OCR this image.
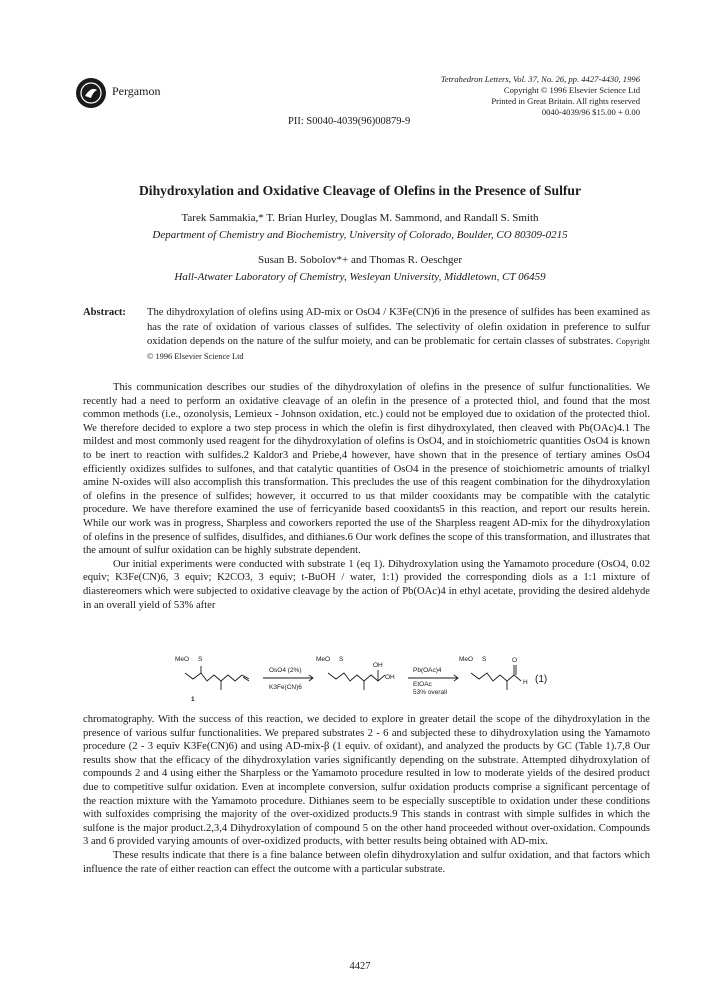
Pergamon
Tetrahedron Letters, Vol. 37, No. 26, pp. 4427-4430, 1996
Copyright © 1996 Elsevier Science Ltd
Printed in Great Britain. All rights reserved
0040-4039/96 $15.00 + 0.00
PII: S0040-4039(96)00879-9
Dihydroxylation and Oxidative Cleavage of Olefins in the Presence of Sulfur
Tarek Sammakia,* T. Brian Hurley, Douglas M. Sammond, and Randall S. Smith
Department of Chemistry and Biochemistry, University of Colorado, Boulder, CO 80309-0215
Susan B. Sobolov*+ and Thomas R. Oeschger
Hall-Atwater Laboratory of Chemistry, Wesleyan University, Middletown, CT 06459
Abstract: The dihydroxylation of olefins using AD-mix or OsO4 / K3Fe(CN)6 in the presence of sulfides has been examined as has the rate of oxidation of various classes of sulfides. The selectivity of olefin oxidation in preference to sulfur oxidation depends on the nature of the sulfur moiety, and can be problematic for certain classes of substrates. Copyright © 1996 Elsevier Science Ltd

This communication describes our studies of the dihydroxylation of olefins in the presence of sulfur functionalities. We recently had a need to perform an oxidative cleavage of an olefin in the presence of a protected thiol, and found that the most common methods (i.e., ozonolysis, Lemieux - Johnson oxidation, etc.) could not be employed due to oxidation of the protected thiol. We therefore decided to explore a two step process in which the olefin is first dihydroxylated, then cleaved with Pb(OAc)4.1 The mildest and most commonly used reagent for the dihydroxylation of olefins is OsO4, and in stoichiometric quantities OsO4 is known to be inert to reaction with sulfides.2 Kaldor3 and Priebe,4 however, have shown that in the presence of tertiary amines OsO4 efficiently oxidizes sulfides to sulfones, and that catalytic quantities of OsO4 in the presence of stoichiometric amounts of trialkyl amine N-oxides will also accomplish this transformation. This precludes the use of this reagent combination for the dihydroxylation of olefins in the presence of sulfides; however, it occurred to us that milder cooxidants may be compatible with the catalytic procedure. We have therefore examined the use of ferricyanide based cooxidants5 in this reaction, and report our results herein. While our work was in progress, Sharpless and coworkers reported the use of the Sharpless reagent AD-mix for the dihydroxylation of olefins in the presence of sulfides, disulfides, and dithianes.6 Our work defines the scope of this transformation, and illustrates that the amount of sulfur oxidation can be highly substrate dependent.

Our initial experiments were conducted with substrate 1 (eq 1). Dihydroxylation using the Yamamoto procedure (OsO4, 0.02 equiv; K3Fe(CN)6, 3 equiv; K2CO3, 3 equiv; t-BuOH / water, 1:1) provided the corresponding diols as a 1:1 mixture of diastereomers which were subjected to oxidative cleavage by the action of Pb(OAc)4 in ethyl acetate, providing the desired aldehyde in an overall yield of 53% after

MeO S
1
OsO4 (2%)
K3Fe(CN)6
MeO S
OH
OH
Pb(OAc)4
EtOAc
53% overall
MeO S	O
H (1)

chromatography. With the success of this reaction, we decided to explore in greater detail the scope of the dihydroxylation in the presence of various sulfur functionalities. We prepared substrates 2 - 6 and subjected these to dihydroxylation using the Yamamoto procedure (2 - 3 equiv K3Fe(CN)6) and using AD-mix-β (1 equiv. of oxidant), and analyzed the products by GC (Table 1).7,8 Our results show that the efficacy of the dihydroxylation varies significantly depending on the substrate. Attempted dihydroxylation of compounds 2 and 4 using either the Sharpless or the Yamamoto procedure resulted in low to moderate yields of the desired product due to competitive sulfur oxidation. Even at incomplete conversion, sulfur oxidation products comprise a significant percentage of the reaction mixture with the Yamamoto procedure. Dithianes seem to be especially susceptible to oxidation under these conditions with sulfoxides comprising the majority of the over-oxidized products.9 This stands in contrast with simple sulfides in which the sulfone is the major product.2,3,4 Dihydroxylation of compound 5 on the other hand proceeded without over-oxidation. Compounds 3 and 6 provided varying amounts of over-oxidized products, with better results being obtained with AD-mix.

These results indicate that there is a fine balance between olefin dihydroxylation and sulfur oxidation, and that factors which influence the rate of either reaction can effect the outcome with a particular substrate.

4427
